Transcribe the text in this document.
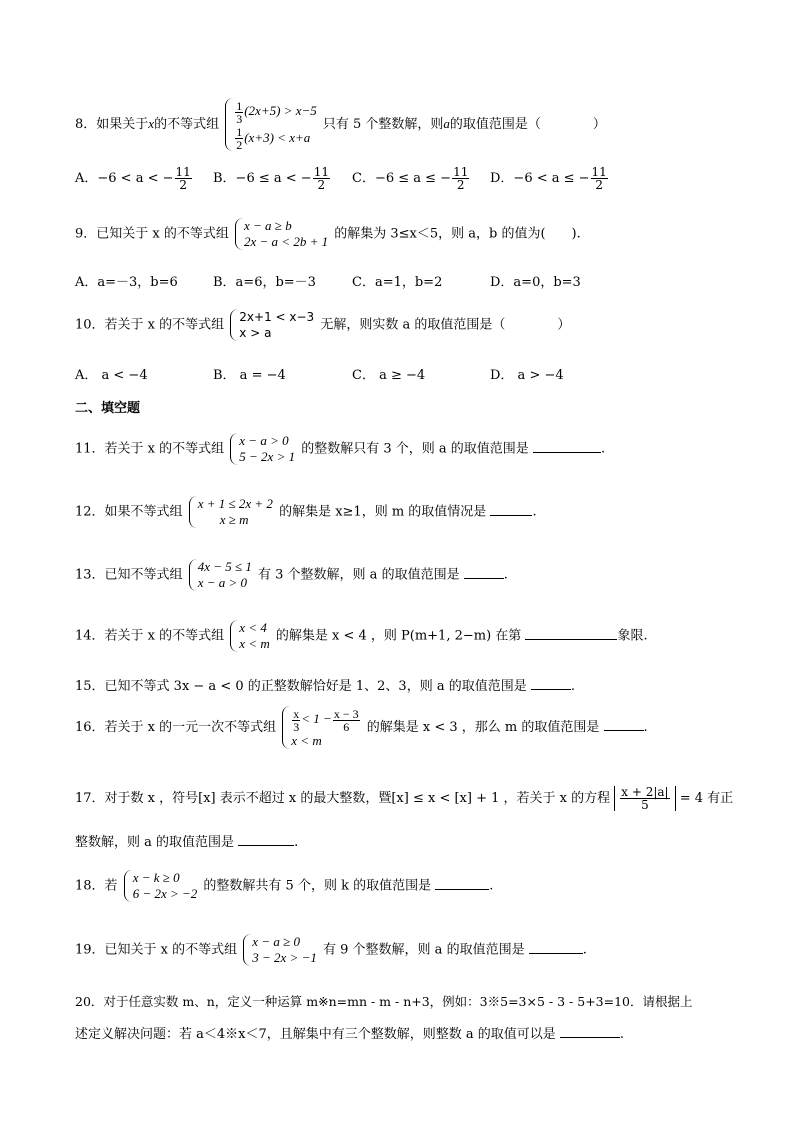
8．如果关于x的不等式组 $\frac{1}{3} (2x+5) > x-5$
$\frac{1}{2} (x+3) < x+a$
只有 5 个整数解，则a的取值范围是（　　　　）
A．−6 < a < − $\frac{11}{2}$ B．−6 ≤ a < − $\frac{11}{2}$ C．−6 ≤ a ≤ − $\frac{11}{2}$ D．−6 < a ≤ − $\frac{11}{2}$
9．已知关于 x 的不等式组
x − a ≥ b
2x − a < 2b + 1 的解集为 3≤x＜5，则 a，b 的值为(　　).
A．a=－3，b=6	B．a=6，b=－3	C．a=1，b=2	D．a=0，b=3
10．若关于 x 的不等式组
2x+1 < x−3
x > a
无解，则实数 a 的取值范围是（　　　　）
A． a < −4	B． a = −4	C． a ≥ −4	D． a > −4
二、填空题
11．若关于 x 的不等式组
x − a > 0
5 − 2x > 1 的整数解只有 3 个，则 a 的取值范围是	.
12．如果不等式组
x + 1 ≤ 2x + 2
x ≥ m	的解集是 x≥1，则 m 的取值情况是	.
13．已知不等式组
4x − 5 ≤ 1
x − a > 0 有 3 个整数解，则 a 的取值范围是	.
14．若关于 x 的不等式组
x < 4
x < m 的解集是 x < 4 ，则 P(m+1, 2−m) 在第	象限.
15．已知不等式 3x − a < 0 的正整数解恰好是 1、2、3，则 a 的取值范围是	.
16．若关于 x 的一元一次不等式组 $\frac{x}{3} < 1 - \frac{x - 3}{6}$
x < m
的解集是 x < 3 ，那么 m 的取值范围是	.
17．对于数 x ，符号[x] 表示不超过 x 的最大整数，暨[x] ≤ x < [x] + 1 ，若关于 x 的方程 $\frac{x + 2|a|}{5} = 4$ 有正
整数解，则 a 的取值范围是	.
18．若
x − k ≥ 0
6 − 2x > −2 的整数解共有 5 个，则 k 的取值范围是	.
19．已知关于 x 的不等式组
x − a ≥ 0
3 − 2x > −1 有 9 个整数解，则 a 的取值范围是	.
20．对于任意实数 m、n，定义一种运算 m※n=mn - m - n+3，例如：3※5=3×5 - 3 - 5+3=10．请根据上
述定义解决问题：若 a＜4※x＜7，且解集中有三个整数解，则整数 a 的取值可以是	.
